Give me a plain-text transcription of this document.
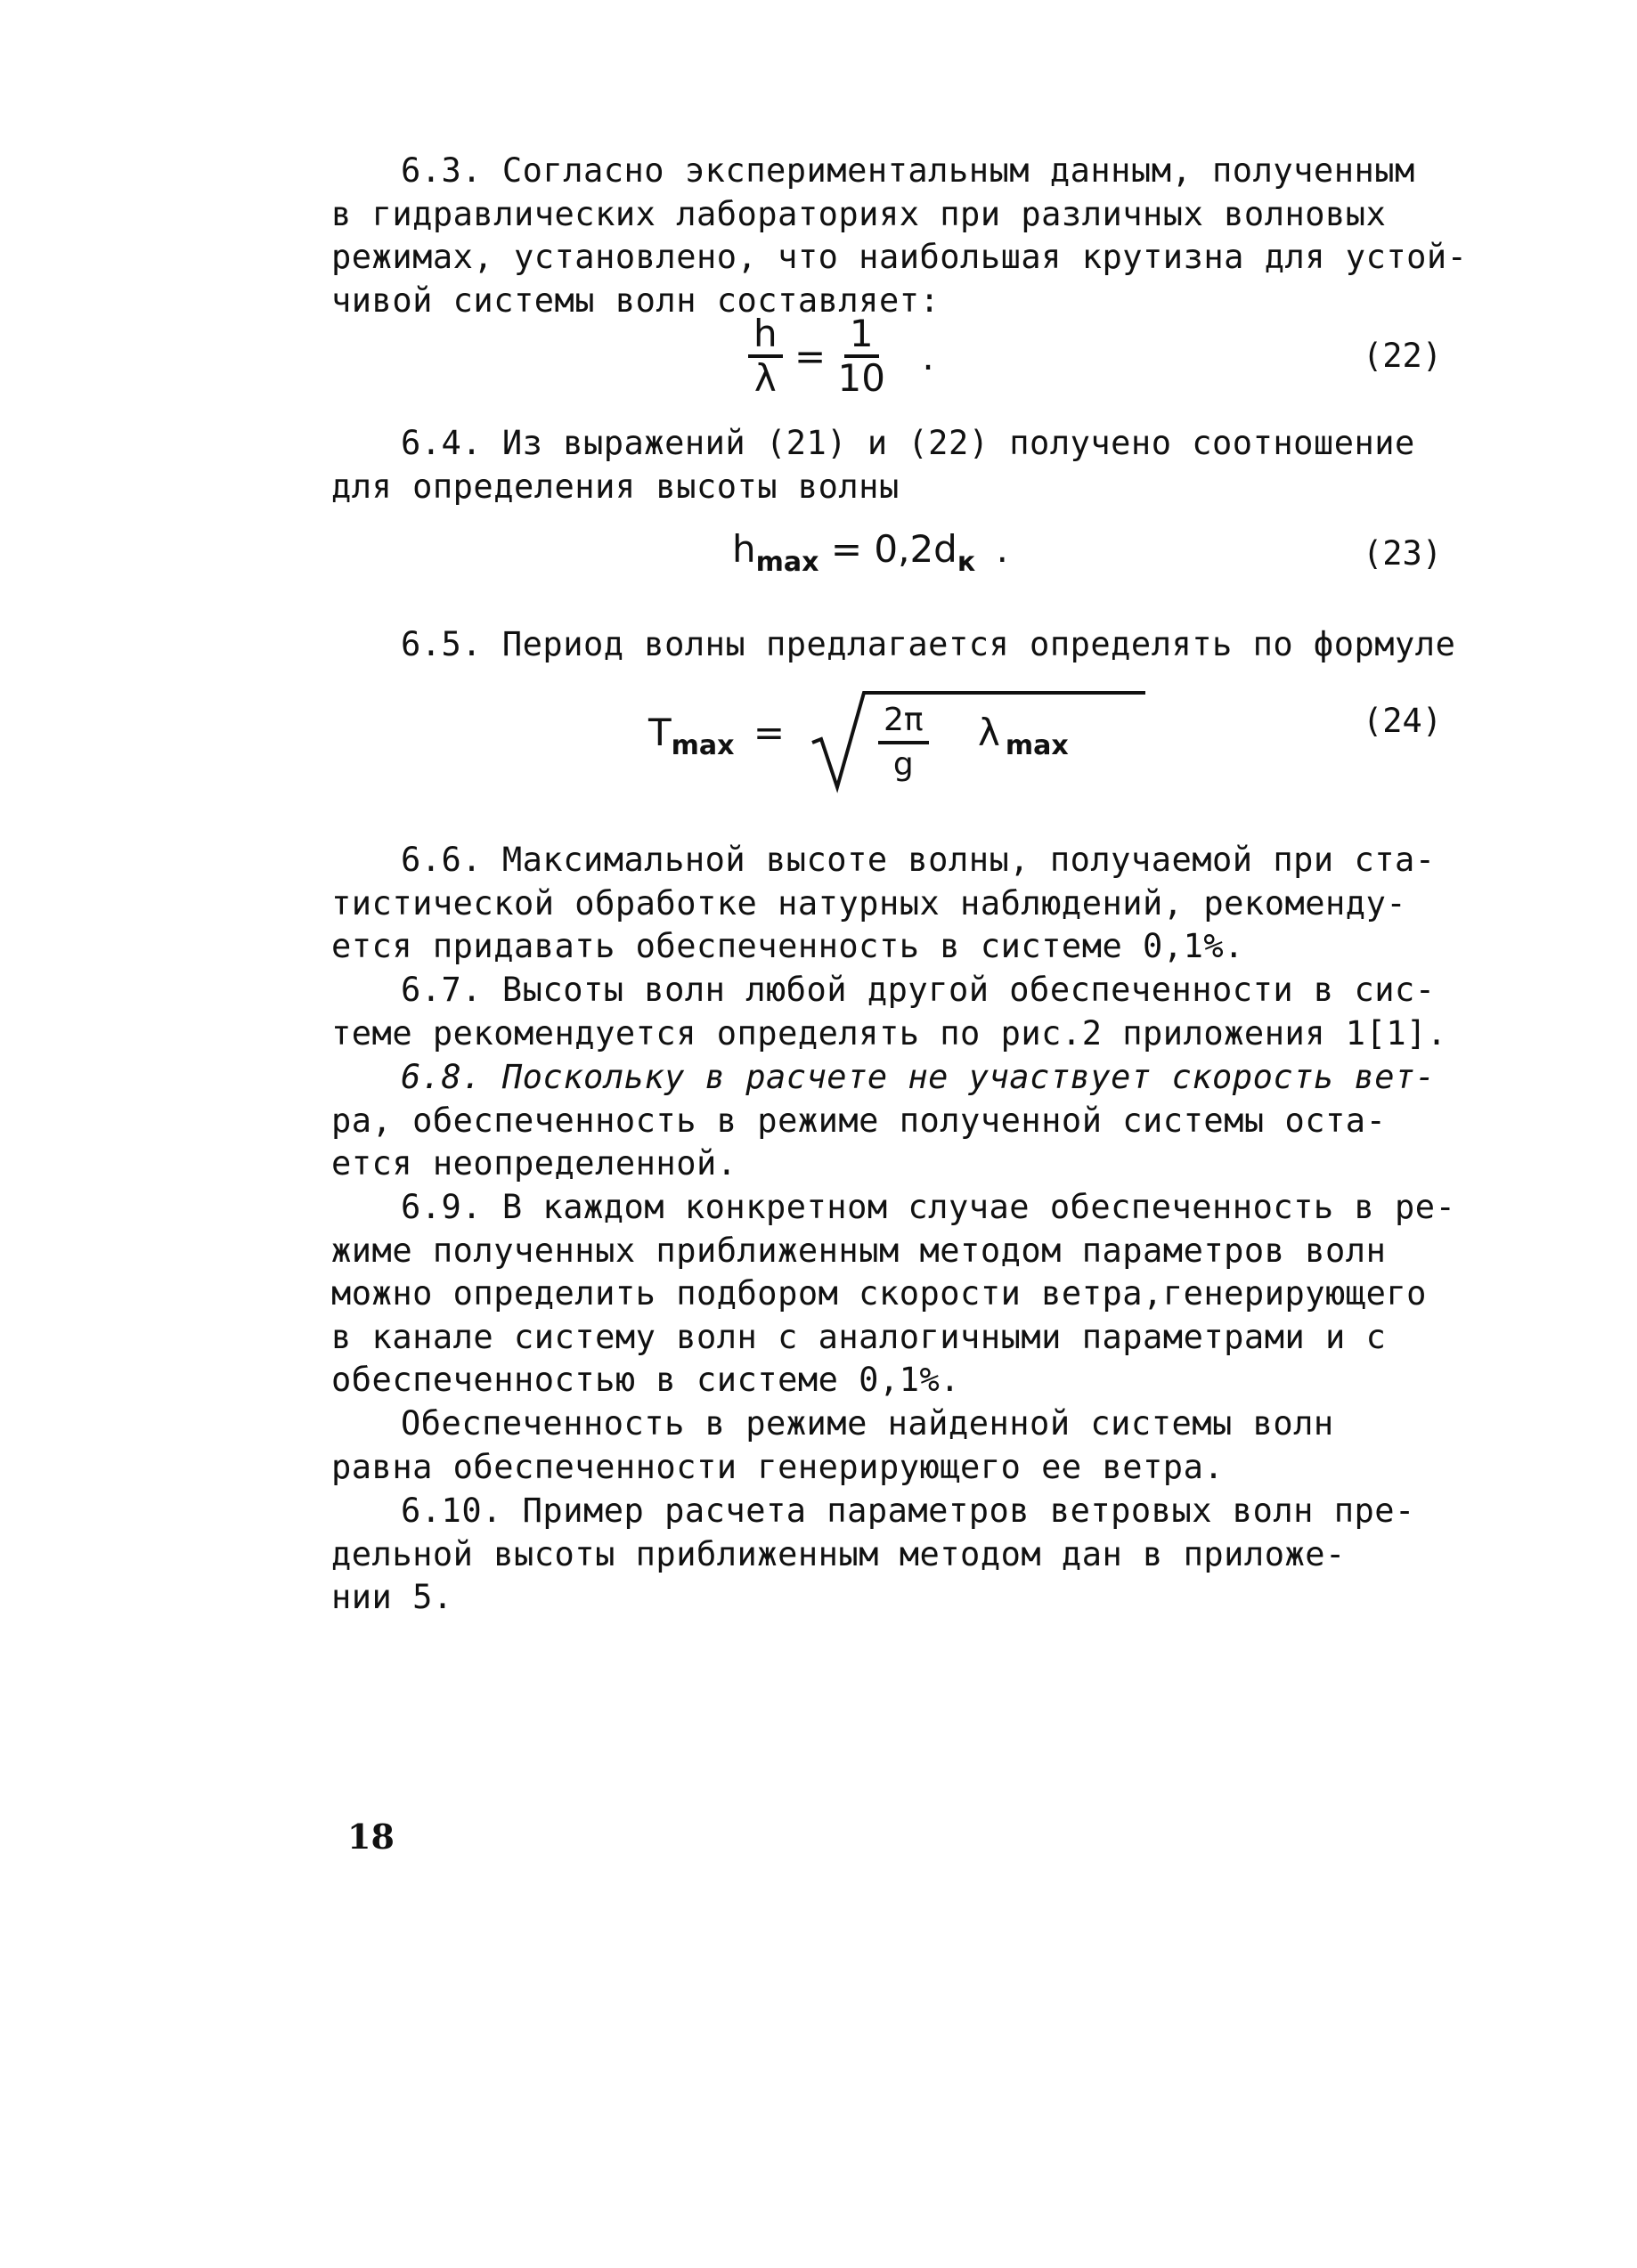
6.3. Согласно экспериментальным данным, полученным
в гидравлических лабораториях при различных волновых
режимах, установлено, что наибольшая крутизна для устой-
чивой системы волн составляет:
$\frac{h}{\lambda} = \frac{1}{10}$ .	(22)
6.4. Из выражений (21) и (22) получено соотношение
для определения высоты волны
$h_{max} = 0,2d_к$ .	(23)
6.5. Период волны предлагается определять по формуле
$T_{max}$ =	$\frac{2\pi}{g}$ λ $_{max}$
(24)
6.6. Максимальной высоте волны, получаемой при ста-
тистической обработке натурных наблюдений, рекоменду-
ется придавать обеспеченность в системе 0,1%.
6.7. Высоты волн любой другой обеспеченности в сис-
теме рекомендуется определять по рис.2 приложения 1[1].
6.8. Поскольку в расчете не участвует скорость вет-
ра, обеспеченность в режиме полученной системы оста-
ется неопределенной.
6.9. В каждом конкретном случае обеспеченность в ре-
жиме полученных приближенным методом параметров волн
можно определить подбором скорости ветра,генерирующего
в канале систему волн с аналогичными параметрами и с
обеспеченностью в системе 0,1%.
Обеспеченность в режиме найденной системы волн
равна обеспеченности генерирующего ее ветра.
6.10. Пример расчета параметров ветровых волн пре-
дельной высоты приближенным методом дан в приложе-
нии 5.
18
